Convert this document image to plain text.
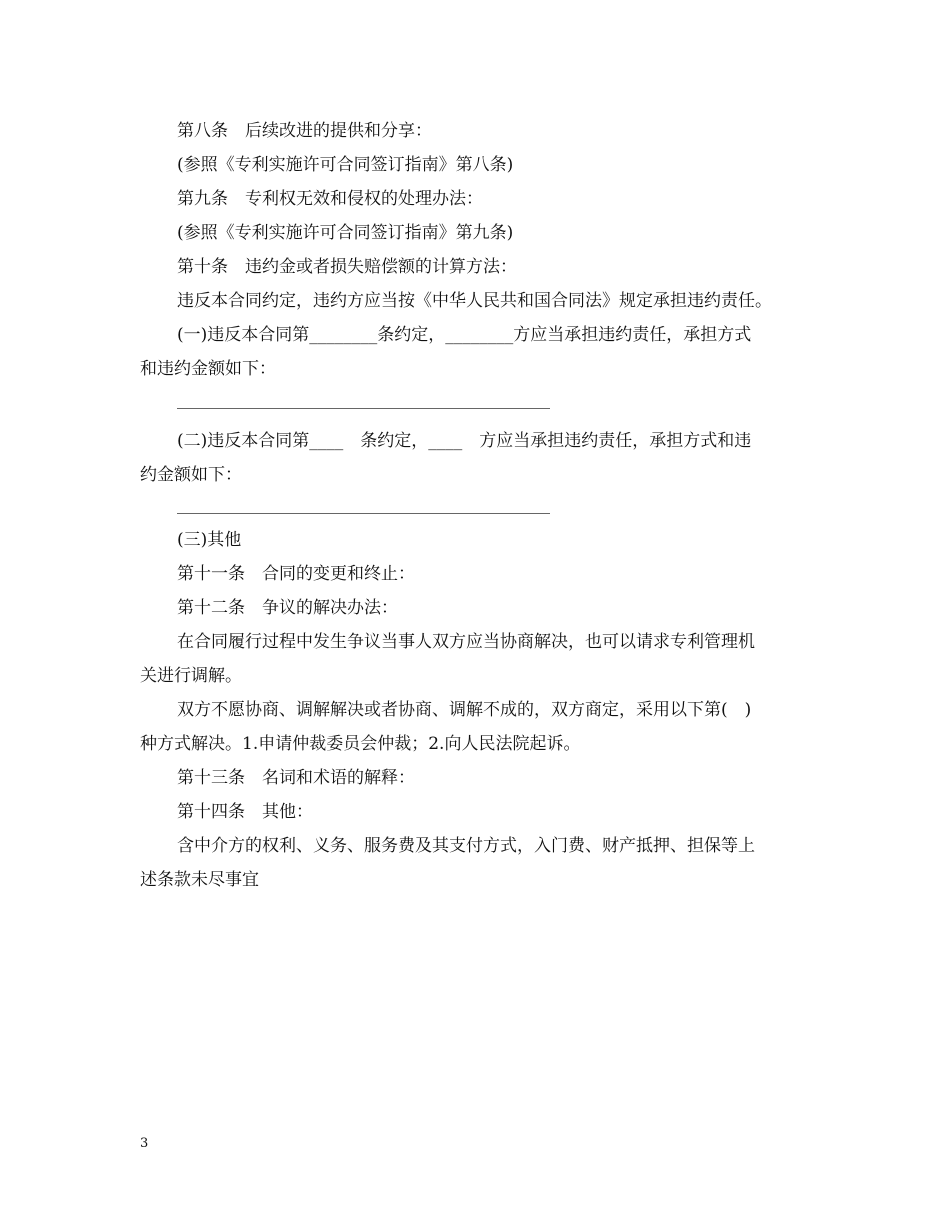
第八条　后续改进的提供和分享：
(参照《专利实施许可合同签订指南》第八条)
第九条　专利权无效和侵权的处理办法：
(参照《专利实施许可合同签订指南》第九条)
第十条　违约金或者损失赔偿额的计算方法：
违反本合同约定，违约方应当按《中华人民共和国合同法》规定承担违约责任。
(一)违反本合同第________条约定，________方应当承担违约责任，承担方式
和违约金额如下：
(二)违反本合同第____　条约定，____　方应当承担违约责任，承担方式和违
约金额如下：
(三)其他
第十一条　合同的变更和终止：
第十二条　争议的解决办法：
在合同履行过程中发生争议当事人双方应当协商解决，也可以请求专利管理机
关进行调解。
双方不愿协商、调解解决或者协商、调解不成的，双方商定，采用以下第(　)
种方式解决。1.申请仲裁委员会仲裁；2.向人民法院起诉。
第十三条　名词和术语的解释：
第十四条　其他：
含中介方的权利、义务、服务费及其支付方式，入门费、财产抵押、担保等上
述条款未尽事宜
3
